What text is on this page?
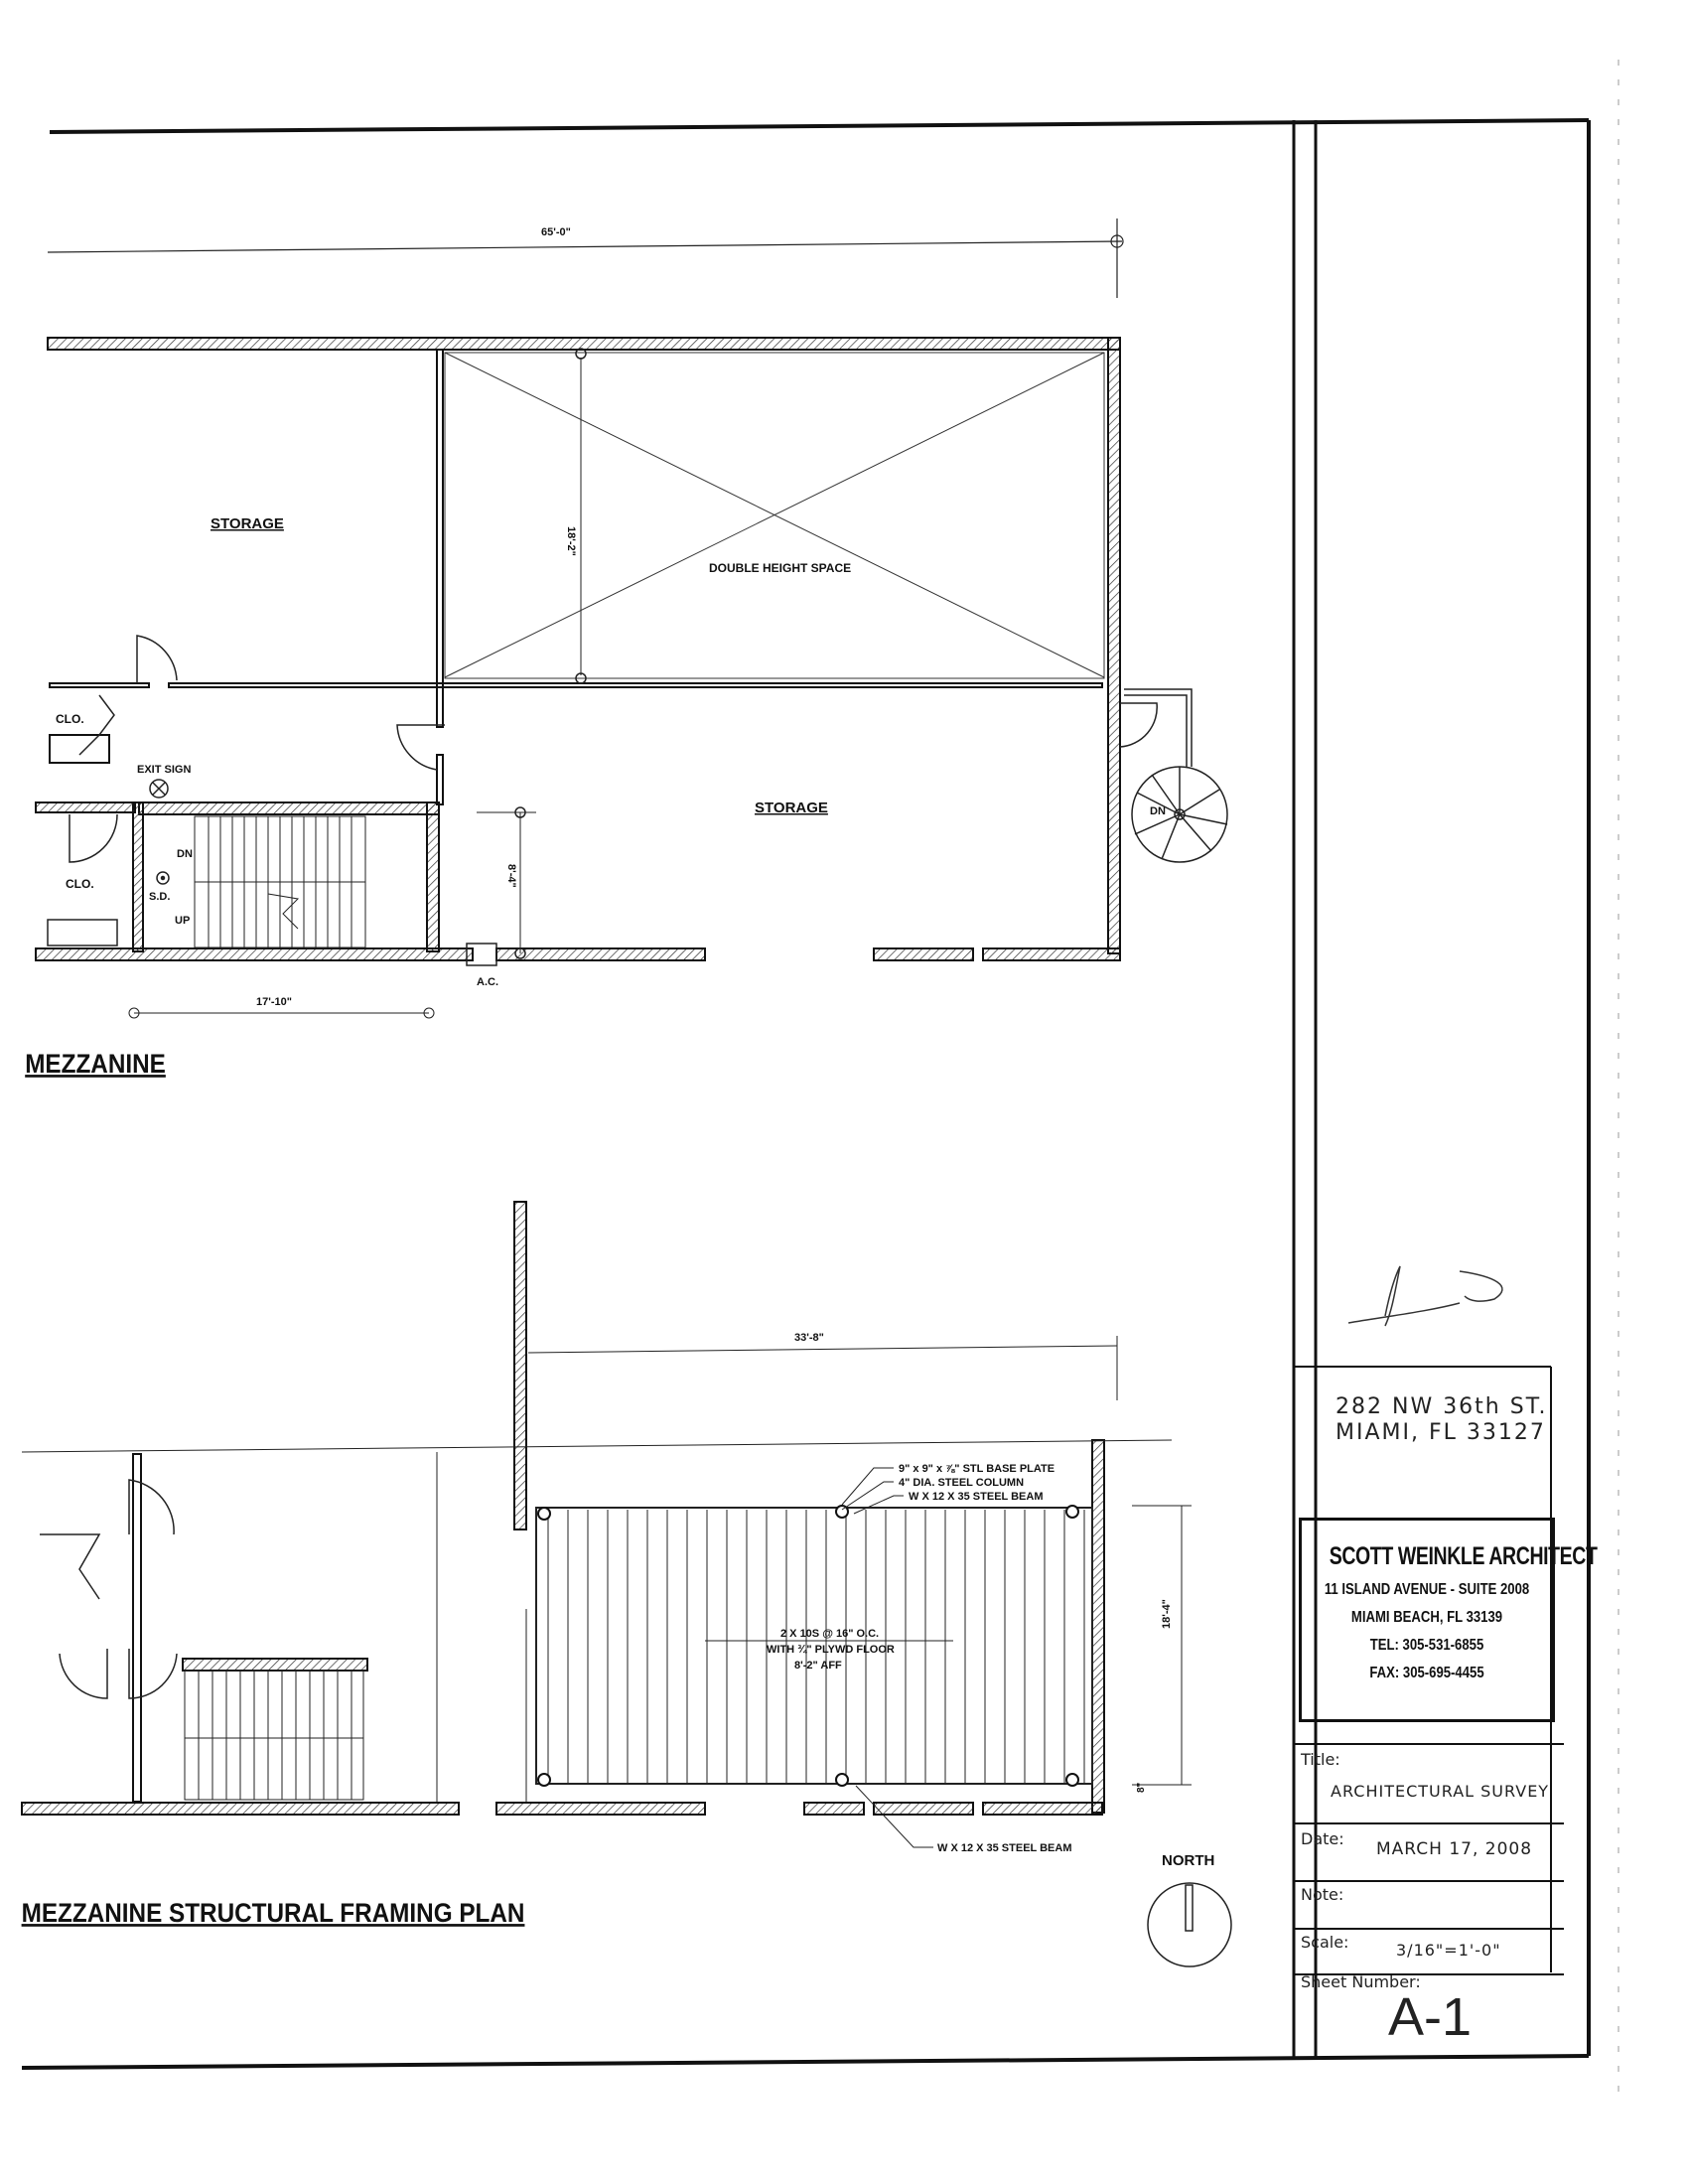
65'-0"
STORAGE
DOUBLE HEIGHT SPACE
STORAGE
CLO.
CLO.
EXIT SIGN
DN
UP
S.D.
A.C.
DN
18'-2"
8'-4"
17'-10"
MEZZANINE
33'-8"
18'-4"
8"
9" x 9" x ⅞" STL BASE PLATE
4" DIA. STEEL COLUMN
W X 12 X 35 STEEL BEAM
W X 12 X 35 STEEL BEAM
2 X 10S @ 16" O.C.
WITH ¾" PLYWD FLOOR
8'-2" AFF
MEZZANINE STRUCTURAL FRAMING PLAN
NORTH
282 NW 36th ST.
MIAMI, FL 33127
SCOTT WEINKLE ARCHITECT
11 ISLAND AVENUE - SUITE 2008
MIAMI BEACH, FL 33139
TEL: 305-531-6855
FAX: 305-695-4455
Title:
ARCHITECTURAL SURVEY
Date:
MARCH 17, 2008
Note:
Scale:	3/16"=1'-0"
Sheet Number:
A-1
